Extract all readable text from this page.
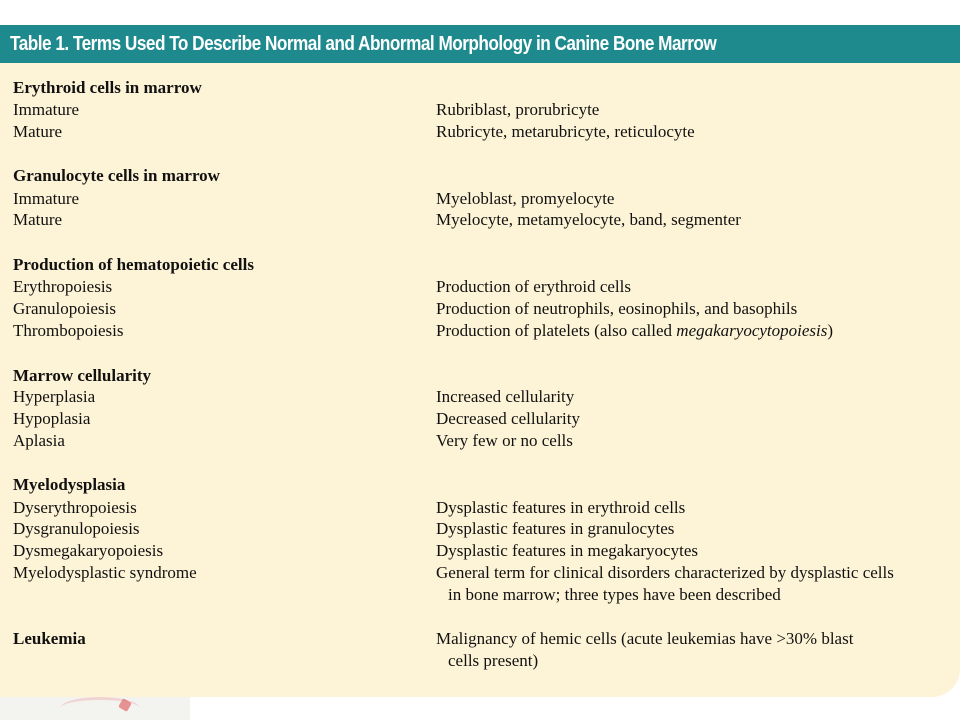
Table 1. Terms Used To Describe Normal and Abnormal Morphology in Canine Bone Marrow
Erythroid cells in marrow
Immature	Rubriblast, prorubricyte
Mature	Rubricyte, metarubricyte, reticulocyte
Granulocyte cells in marrow
Immature	Myeloblast, promyelocyte
Mature	Myelocyte, metamyelocyte, band, segmenter
Production of hematopoietic cells
Erythropoiesis	Production of erythroid cells
Granulopoiesis	Production of neutrophils, eosinophils, and basophils
Thrombopoiesis	Production of platelets (also called megakaryocytopoiesis)
Marrow cellularity
Hyperplasia	Increased cellularity
Hypoplasia	Decreased cellularity
Aplasia	Very few or no cells
Myelodysplasia
Dyserythropoiesis	Dysplastic features in erythroid cells
Dysgranulopoiesis	Dysplastic features in granulocytes
Dysmegakaryopoiesis	Dysplastic features in megakaryocytes
Myelodysplastic syndrome	General term for clinical disorders characterized by dysplastic cells
in bone marrow; three types have been described
Leukemia	Malignancy of hemic cells (acute leukemias have >30% blast
cells present)
